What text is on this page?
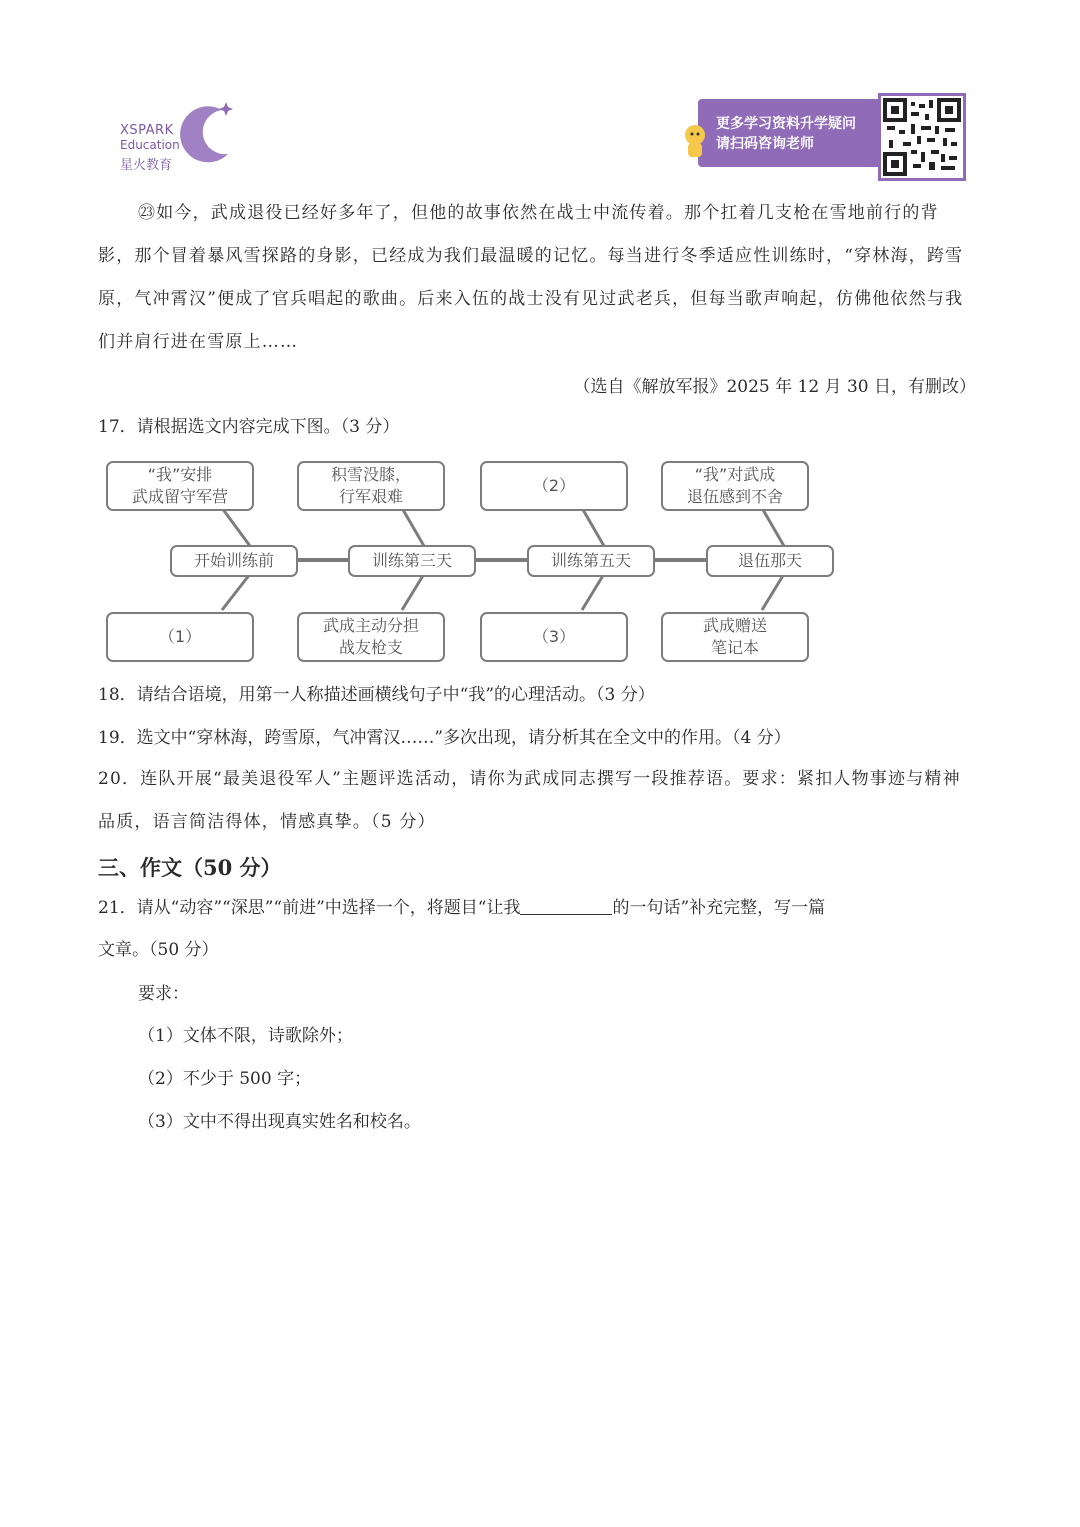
XSPARK
Education
星火教育
更多学习资料升学疑问
请扫码咨询老师

㉓如今，武成退役已经好多年了，但他的故事依然在战士中流传着。那个扛着几支枪在雪地前行的背影，那个冒着暴风雪探路的身影，已经成为我们最温暖的记忆。每当进行冬季适应性训练时，“穿林海，跨雪原，气冲霄汉”便成了官兵唱起的歌曲。后来入伍的战士没有见过武老兵，但每当歌声响起，仿佛他依然与我们并肩行进在雪原上……

（选自《解放军报》2025 年 12 月 30 日，有删改）

17．请根据选文内容完成下图。（3 分）

“我”安排
武成留守军营
积雪没膝，
行军艰难
（2）
“我”对武成
退伍感到不舍
开始训练前	训练第三天	训练第五天	退伍那天
（1）
武成主动分担
战友枪支
（3）
武成赠送
笔记本

18．请结合语境，用第一人称描述画横线句子中“我”的心理活动。（3 分）

19．选文中“穿林海，跨雪原，气冲霄汉……”多次出现，请分析其在全文中的作用。（4 分）

20．连队开展“最美退役军人”主题评选活动，请你为武成同志撰写一段推荐语。要求：紧扣人物事迹与精神品质，语言简洁得体，情感真挚。（5 分）

三、作文（50 分）

21．请从“动容”“深思”“前进”中选择一个，将题目“让我	的一句话”补充完整，写一篇

文章。（50 分）

要求：

（1）文体不限，诗歌除外；

（2）不少于 500 字；

（3）文中不得出现真实姓名和校名。
